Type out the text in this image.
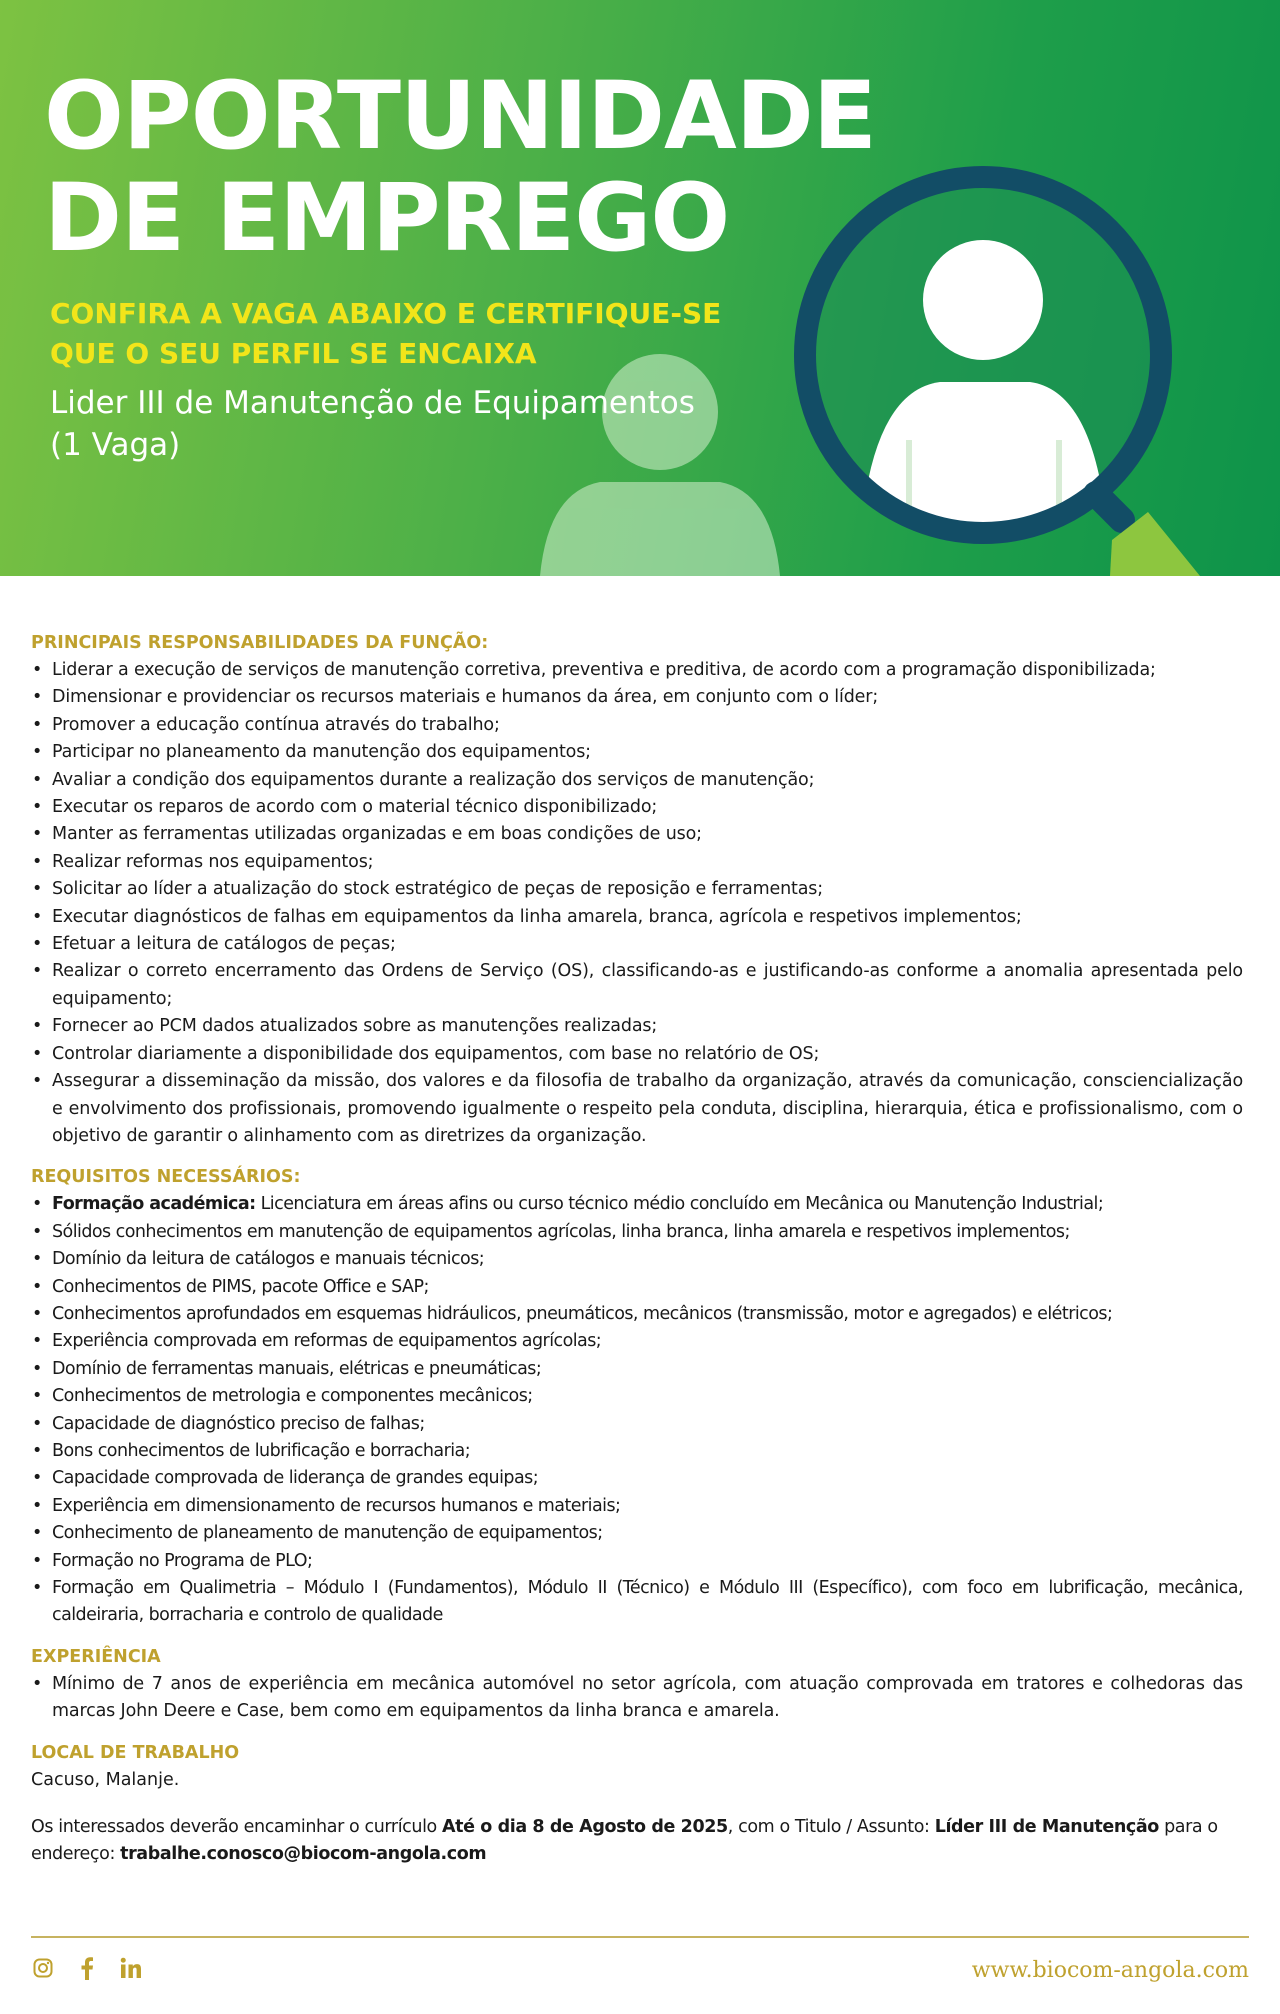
OPORTUNIDADE
DE EMPREGO

CONFIRA A VAGA ABAIXO E CERTIFIQUE-SE
QUE O SEU PERFIL SE ENCAIXA

Lider III de Manutenção de Equipamentos
(1 Vaga)

PRINCIPAIS RESPONSABILIDADES DA FUNÇÃO:
• Liderar a execução de serviços de manutenção corretiva, preventiva e preditiva, de acordo com a programação disponibilizada;
• Dimensionar e providenciar os recursos materiais e humanos da área, em conjunto com o líder;
• Promover a educação contínua através do trabalho;
• Participar no planeamento da manutenção dos equipamentos;
• Avaliar a condição dos equipamentos durante a realização dos serviços de manutenção;
• Executar os reparos de acordo com o material técnico disponibilizado;
• Manter as ferramentas utilizadas organizadas e em boas condições de uso;
• Realizar reformas nos equipamentos;
• Solicitar ao líder a atualização do stock estratégico de peças de reposição e ferramentas;
• Executar diagnósticos de falhas em equipamentos da linha amarela, branca, agrícola e respetivos implementos;
• Efetuar a leitura de catálogos de peças;
• Realizar o correto encerramento das Ordens de Serviço (OS), classificando-as e justificando-as conforme a anomalia apresentada pelo equipamento;
• Fornecer ao PCM dados atualizados sobre as manutenções realizadas;
• Controlar diariamente a disponibilidade dos equipamentos, com base no relatório de OS;
• Assegurar a disseminação da missão, dos valores e da filosofia de trabalho da organização, através da comunicação, consciencialização e envolvimento dos profissionais, promovendo igualmente o respeito pela conduta, disciplina, hierarquia, ética e profissionalismo, com o objetivo de garantir o alinhamento com as diretrizes da organização.
REQUISITOS NECESSÁRIOS:
• Formação académica: Licenciatura em áreas afins ou curso técnico médio concluído em Mecânica ou Manutenção Industrial;
• Sólidos conhecimentos em manutenção de equipamentos agrícolas, linha branca, linha amarela e respetivos implementos;
• Domínio da leitura de catálogos e manuais técnicos;
• Conhecimentos de PIMS, pacote Office e SAP;
• Conhecimentos aprofundados em esquemas hidráulicos, pneumáticos, mecânicos (transmissão, motor e agregados) e elétricos;
• Experiência comprovada em reformas de equipamentos agrícolas;
• Domínio de ferramentas manuais, elétricas e pneumáticas;
• Conhecimentos de metrologia e componentes mecânicos;
• Capacidade de diagnóstico preciso de falhas;
• Bons conhecimentos de lubrificação e borracharia;
• Capacidade comprovada de liderança de grandes equipas;
• Experiência em dimensionamento de recursos humanos e materiais;
• Conhecimento de planeamento de manutenção de equipamentos;
• Formação no Programa de PLO;
• Formação em Qualimetria – Módulo I (Fundamentos), Módulo II (Técnico) e Módulo III (Específico), com foco em lubrificação, mecânica, caldeiraria, borracharia e controlo de qualidade
EXPERIÊNCIA
• Mínimo de 7 anos de experiência em mecânica automóvel no setor agrícola, com atuação comprovada em tratores e colhedoras das marcas John Deere e Case, bem como em equipamentos da linha branca e amarela.
LOCAL DE TRABALHO

Cacuso, Malanje.

Os interessados deverão encaminhar o currículo Até o dia 8 de Agosto de 2025, com o Titulo / Assunto: Líder III de Manutenção para o endereço: trabalhe.conosco@biocom-angola.com

www.biocom-angola.com
